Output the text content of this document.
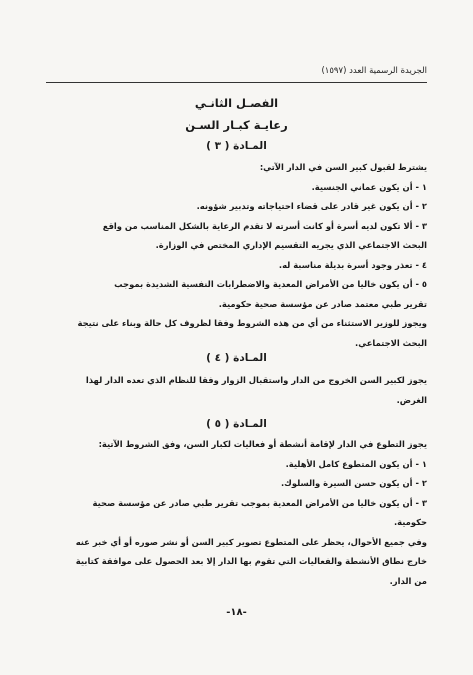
الجريدة الرسمية العدد (١٥٩٧)
الفصـل الثانـي
رعايـة كبـار السـن
المـادة ( ٣ )

يشترط لقبول كبير السن في الدار الآتي:

١ - أن يكون عماني الجنسية.

٢ - أن يكون غير قادر على قضاء احتياجاته وتدبير شؤونه.

٣ - ألا تكون لديه أسرة أو كانت أسرته لا تقدم الرعاية بالشكل المناسب من واقع

البحث الاجتماعي الذي يجريه التقسيم الإداري المختص في الوزارة.

٤ - تعذر وجود أسرة بديلة مناسبة له.

٥ - أن يكون خاليا من الأمراض المعدية والاضطرابات النفسية الشديدة بموجب

تقرير طبي معتمد صادر عن مؤسسة صحية حكومية.

ويجوز للوزير الاستثناء من أي من هذه الشروط وفقا لظروف كل حالة وبناء على نتيجة

البحث الاجتماعي.

المـادة ( ٤ )

يجوز لكبير السن الخروج من الدار واستقبال الزوار وفقا للنظام الذي تعده الدار لهذا

الغرض.

المـادة ( ٥ )

يجوز التطوع في الدار لإقامة أنشطة أو فعاليات لكبار السن، وفق الشروط الآتية:

١ - أن يكون المتطوع كامل الأهلية.

٢ - أن يكون حسن السيرة والسلوك.

٣ - أن يكون خاليا من الأمراض المعدية بموجب تقرير طبي صادر عن مؤسسة صحية

حكومية.

وفي جميع الأحوال، يحظر على المتطوع تصوير كبير السن أو نشر صوره أو أي خبر عنه

خارج نطاق الأنشطة والفعاليات التي تقوم بها الدار إلا بعد الحصول على موافقة كتابية

من الدار.

-١٨-
